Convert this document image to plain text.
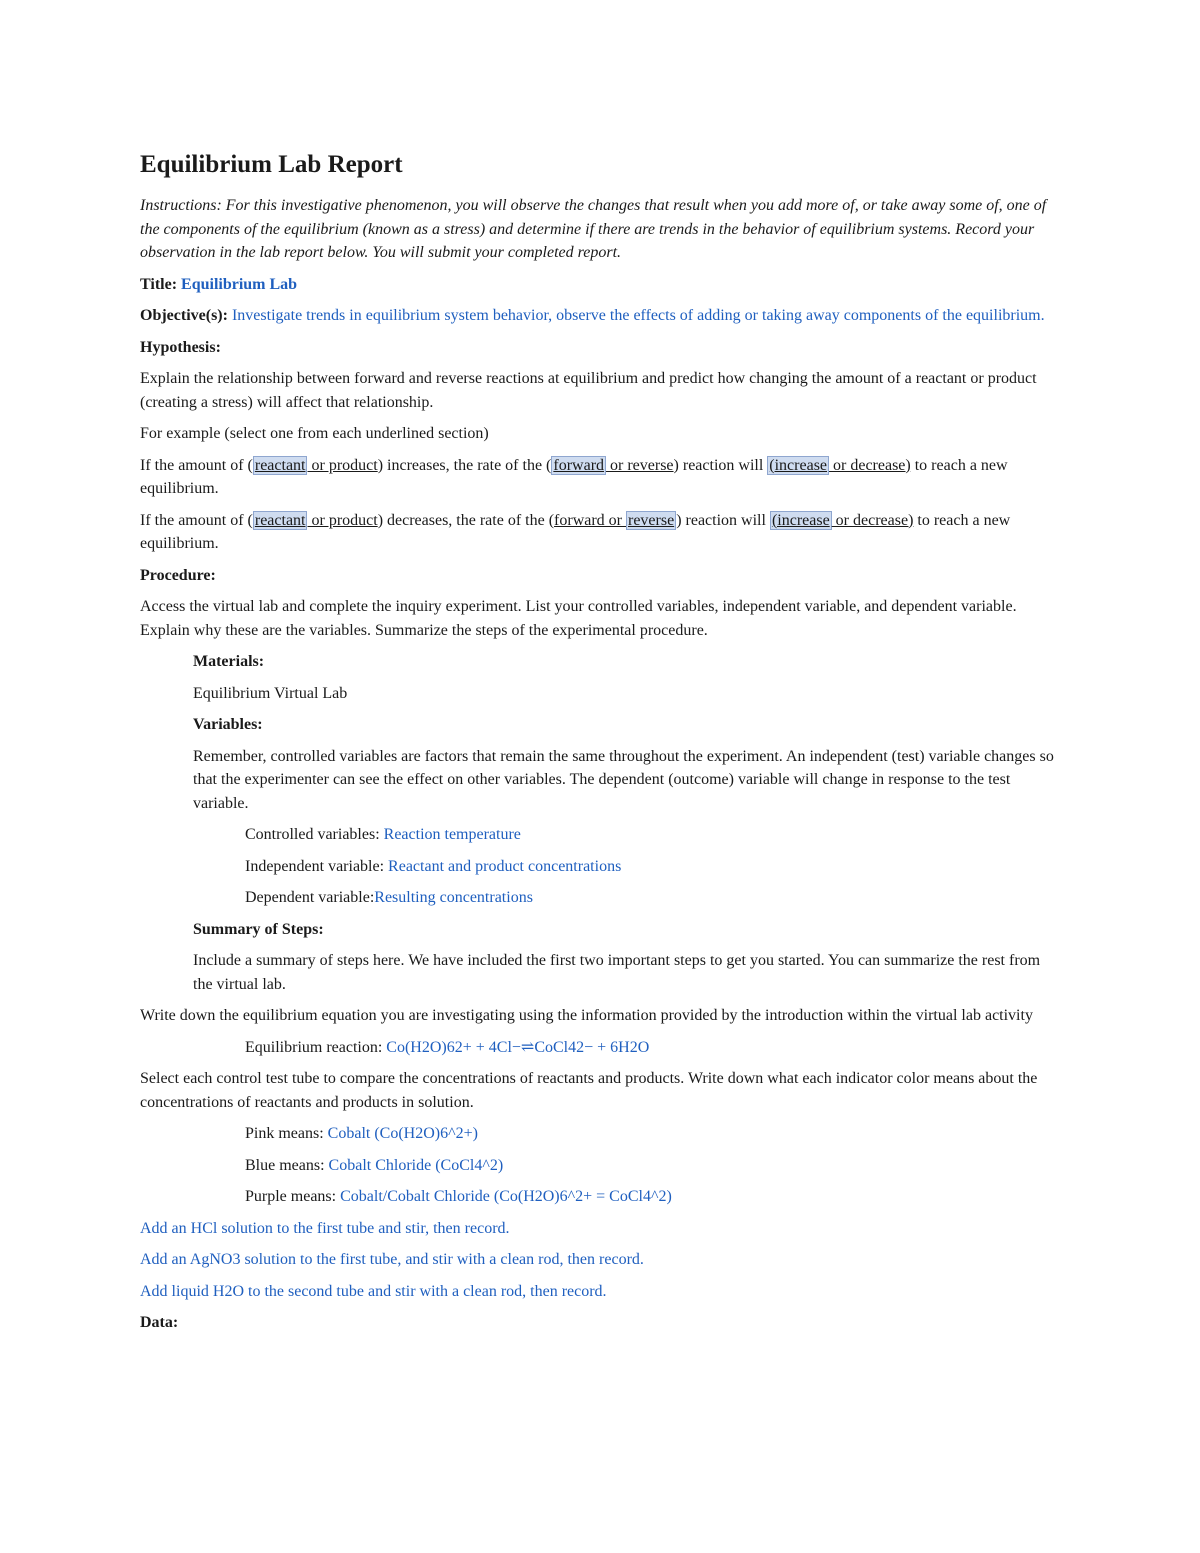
Equilibrium Lab Report

Instructions: For this investigative phenomenon, you will observe the changes that result when you add more of, or take away some of, one of the components of the equilibrium (known as a stress) and determine if there are trends in the behavior of equilibrium systems. Record your observation in the lab report below. You will submit your completed report.

Title: Equilibrium Lab

Objective(s): Investigate trends in equilibrium system behavior, observe the effects of adding or taking away components of the equilibrium.

Hypothesis:

Explain the relationship between forward and reverse reactions at equilibrium and predict how changing the amount of a reactant or product (creating a stress) will affect that relationship.

For example (select one from each underlined section)

If the amount of ( reactant or product) increases, the rate of the ( forward or reverse) reaction will (increase or decrease) to reach a new equilibrium.

If the amount of ( reactant or product) decreases, the rate of the (forward or reverse ) reaction will (increase or decrease) to reach a new equilibrium.

Procedure:

Access the virtual lab and complete the inquiry experiment. List your controlled variables, independent variable, and dependent variable. Explain why these are the variables. Summarize the steps of the experimental procedure.

Materials:

Equilibrium Virtual Lab

Variables:

Remember, controlled variables are factors that remain the same throughout the experiment. An independent (test) variable changes so that the experimenter can see the effect on other variables. The dependent (outcome) variable will change in response to the test variable.

Controlled variables: Reaction temperature

Independent variable: Reactant and product concentrations

Dependent variable:Resulting concentrations

Summary of Steps:

Include a summary of steps here. We have included the first two important steps to get you started. You can summarize the rest from the virtual lab.

Write down the equilibrium equation you are investigating using the information provided by the introduction within the virtual lab activity

Equilibrium reaction: Co(H2O)62+ + 4Cl−⇌CoCl42− + 6H2O

Select each control test tube to compare the concentrations of reactants and products. Write down what each indicator color means about the concentrations of reactants and products in solution.

Pink means: Cobalt (Co(H2O)6^2+)

Blue means: Cobalt Chloride (CoCl4^2)

Purple means: Cobalt/Cobalt Chloride (Co(H2O)6^2+ = CoCl4^2)

Add an HCl solution to the first tube and stir, then record.

Add an AgNO3 solution to the first tube, and stir with a clean rod, then record.

Add liquid H2O to the second tube and stir with a clean rod, then record.

Data:
